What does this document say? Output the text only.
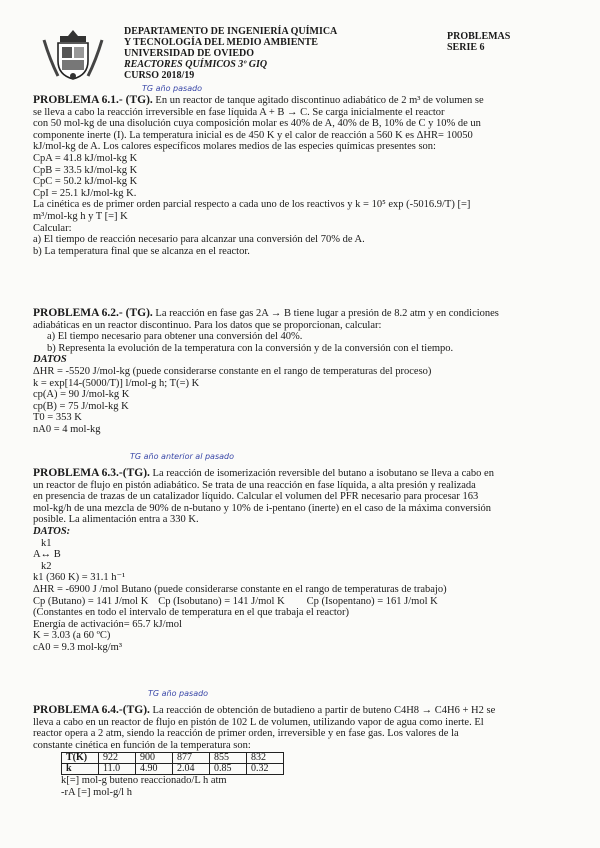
DEPARTAMENTO DE INGENIERÍA QUÍMICA
Y TECNOLOGÍA DEL MEDIO AMBIENTE
UNIVERSIDAD DE OVIEDO
REACTORES QUÍMICOS 3º GIQ
CURSO 2018/19
PROBLEMAS
SERIE 6
TG año pasado

PROBLEMA 6.1.- (TG). En un reactor de tanque agitado discontinuo adiabático de 2 m³ de volumen se

se lleva a cabo la reacción irreversible en fase líquida A + B → C. Se carga inicialmente el reactor

con 50 mol-kg de una disolución cuya composición molar es 40% de A, 40% de B, 10% de C y 10% de un

componente inerte (I). La temperatura inicial es de 450 K y el calor de reacción a 560 K es ΔHR= 10050

kJ/mol-kg de A. Los calores específicos molares medios de las especies químicas presentes son:

CpA = 41.8 kJ/mol-kg K

CpB = 33.5 kJ/mol-kg K

CpC = 50.2 kJ/mol-kg K

CpI = 25.1 kJ/mol-kg K.

La cinética es de primer orden parcial respecto a cada uno de los reactivos y k = 10⁵ exp (-5016.9/T) [=]

m³/mol-kg h y T [=] K

Calcular:

a) El tiempo de reacción necesario para alcanzar una conversión del 70% de A.

b) La temperatura final que se alcanza en el reactor.

PROBLEMA 6.2.- (TG). La reacción en fase gas 2A → B tiene lugar a presión de 8.2 atm y en condiciones

adiabáticas en un reactor discontinuo. Para los datos que se proporcionan, calcular:

a) El tiempo necesario para obtener una conversión del 40%.

b) Representa la evolución de la temperatura con la conversión y de la conversión con el tiempo.

DATOS

ΔHR = -5520 J/mol-kg (puede considerarse constante en el rango de temperaturas del proceso)

k = exp[14-(5000/T)] l/mol-g h; T(=) K

cp(A) = 90 J/mol-kg K

cp(B) = 75 J/mol-kg K

T0 = 353 K

nA0 = 4 mol-kg

TG año anterior al pasado

PROBLEMA 6.3.-(TG). La reacción de isomerización reversible del butano a isobutano se lleva a cabo en

un reactor de flujo en pistón adiabático. Se trata de una reacción en fase líquida, a alta presión y realizada

en presencia de trazas de un catalizador líquido. Calcular el volumen del PFR necesario para procesar 163

mol-kg/h de una mezcla de 90% de n-butano y 10% de i-pentano (inerte) en el caso de la máxima conversión

posible. La alimentación entra a 330 K.

DATOS:

k1

A↔ B

k2

k1 (360 K) = 31.1 h⁻¹

ΔHR = -6900 J /mol Butano (puede considerarse constante en el rango de temperaturas de trabajo)

Cp (Butano) = 141 J/mol K Cp (Isobutano) = 141 J/mol K Cp (Isopentano) = 161 J/mol K

(Constantes en todo el intervalo de temperatura en el que trabaja el reactor)

Energía de activación= 65.7 kJ/mol

K = 3.03 (a 60 ºC)

cA0 = 9.3 mol-kg/m³

TG año pasado

PROBLEMA 6.4.-(TG). La reacción de obtención de butadieno a partir de buteno C4H8 → C4H6 + H2 se

lleva a cabo en un reactor de flujo en pistón de 102 L de volumen, utilizando vapor de agua como inerte. El

reactor opera a 2 atm, siendo la reacción de primer orden, irreversible y en fase gas. Los valores de la

constante cinética en función de la temperatura son:

T(K)	922	900	877	855	832
k	11.0	4.90	2.04	0.85	0.32

k[=] mol-g buteno reaccionado/L h atm

-rA [=] mol-g/l h
